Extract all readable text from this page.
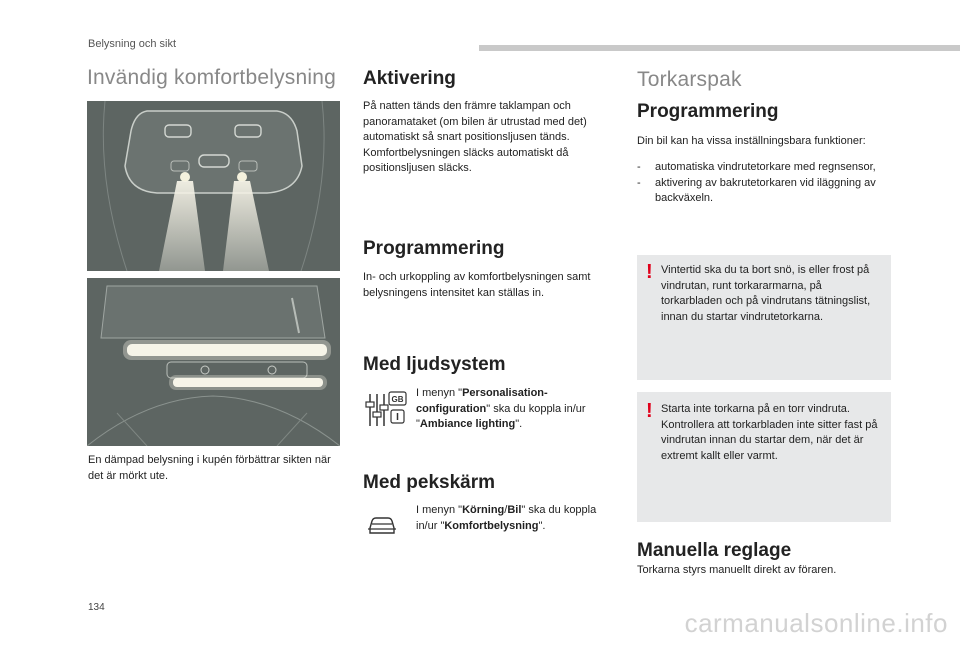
Belysning och sikt
Invändig komfortbelysning
En dämpad belysning i kupén förbättrar sikten när det är mörkt ute.
Aktivering
På natten tänds den främre taklampan och panoramataket (om bilen är utrustad med det) automatiskt så snart positionsljusen tänds. Komfortbelysningen släcks automatiskt då positionsljusen släcks.
Programmering
In- och urkoppling av komfortbelysningen samt belysningens intensitet kan ställas in.
Med ljudsystem
GB
I menyn "Personalisation-configuration" ska du koppla in/ur "Ambiance lighting".
Med pekskärm
I menyn "Körning/Bil" ska du koppla in/ur "Komfortbelysning".
Torkarspak
Programmering
Din bil kan ha vissa inställningsbara funktioner:
- automatiska vindrutetorkare med regnsensor,
- aktivering av bakrutetorkaren vid iläggning av backväxeln.
! Vintertid ska du ta bort snö, is eller frost på vindrutan, runt torkararmarna, på torkarbladen och på vindrutans tätningslist, innan du startar vindrutetorkarna.
! Starta inte torkarna på en torr vindruta. Kontrollera att torkarbladen inte sitter fast på vindrutan innan du startar dem, när det är extremt kallt eller varmt.
Manuella reglage
Torkarna styrs manuellt direkt av föraren.
134
carmanualsonline.info
